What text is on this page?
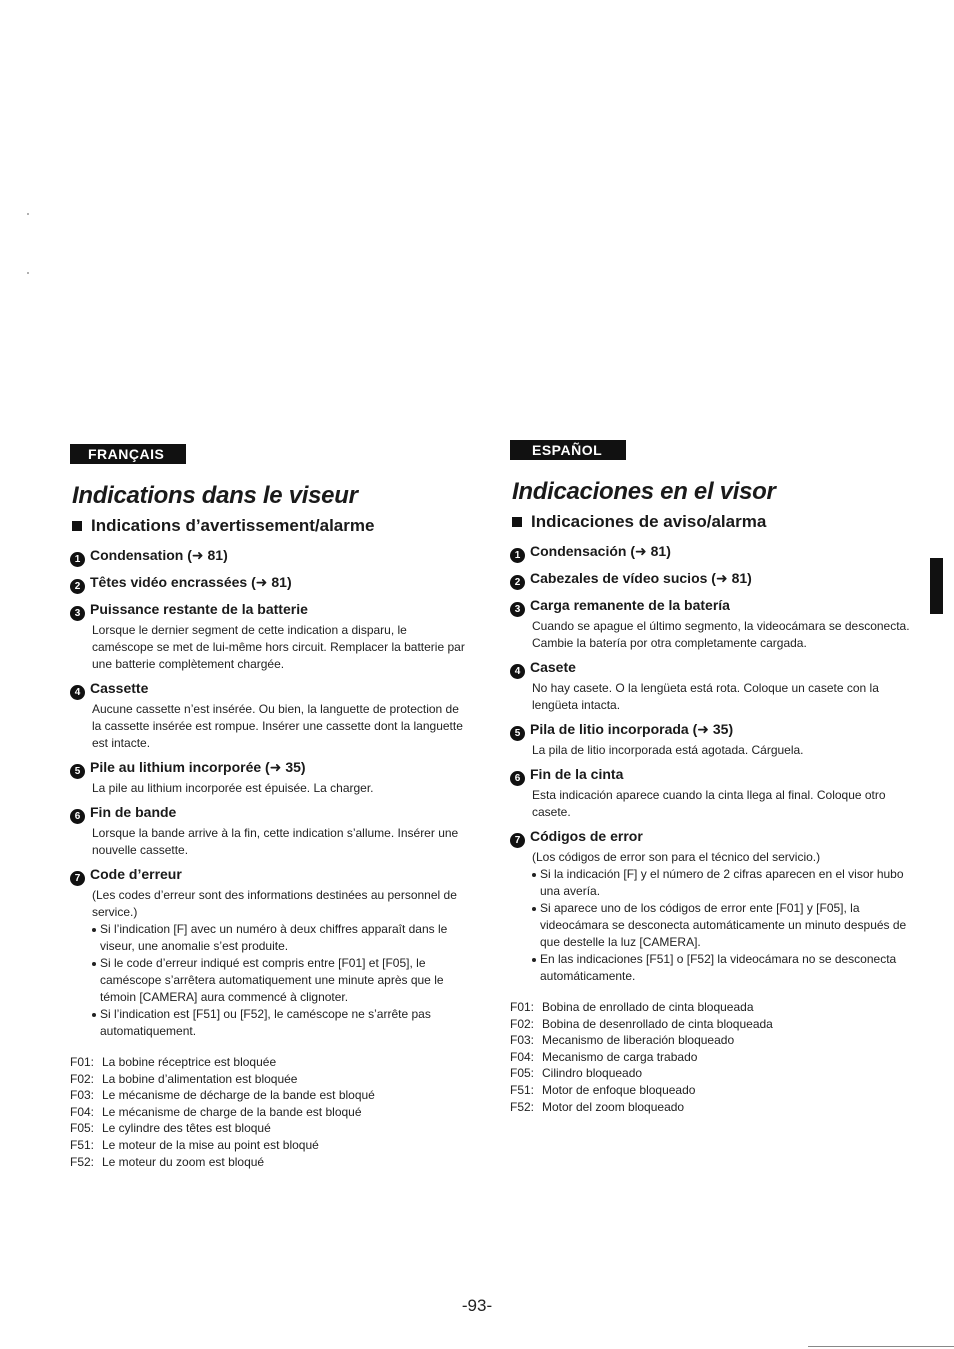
FRANÇAIS
Indications dans le viseur
Indications d’avertissement/alarme
1 Condensation (➜ 81)
2 Têtes vidéo encrassées (➜ 81)
3 Puissance restante de la batterie
Lorsque le dernier segment de cette indication a disparu, le caméscope se met de lui-même hors circuit. Remplacer la batterie par une batterie complètement chargée.
4 Cassette
Aucune cassette n’est insérée. Ou bien, la languette de protection de la cassette insérée est rompue. Insérer une cassette dont la languette est intacte.
5 Pile au lithium incorporée (➜ 35)
La pile au lithium incorporée est épuisée. La charger.
6 Fin de bande
Lorsque la bande arrive à la fin, cette indication s’allume. Insérer une nouvelle cassette.
7 Code d’erreur
(Les codes d’erreur sont des informations destinées au personnel de service.)
Si l’indication [F] avec un numéro à deux chiffres apparaît dans le viseur, une anomalie s’est produite.
Si le code d’erreur indiqué est compris entre [F01] et [F05], le caméscope s’arrêtera automatiquement une minute après que le témoin [CAMERA] aura commencé à clignoter.
Si l’indication est [F51] ou [F52], le caméscope ne s’arrête pas automatiquement.
F01: La bobine réceptrice est bloquée
F02: La bobine d’alimentation est bloquée
F03: Le mécanisme de décharge de la bande est bloqué
F04: Le mécanisme de charge de la bande est bloqué
F05: Le cylindre des têtes est bloqué
F51: Le moteur de la mise au point est bloqué
F52: Le moteur du zoom est bloqué
ESPAÑOL
Indicaciones en el visor
Indicaciones de aviso/alarma
1 Condensación (➜ 81)
2 Cabezales de vídeo sucios (➜ 81)
3 Carga remanente de la batería
Cuando se apague el último segmento, la videocámara se desconecta. Cambie la batería por otra completamente cargada.
4 Casete
No hay casete. O la lengüeta está rota. Coloque un casete con la lengüeta intacta.
5 Pila de litio incorporada (➜ 35)
La pila de litio incorporada está agotada. Cárguela.
6 Fin de la cinta
Esta indicación aparece cuando la cinta llega al final. Coloque otro casete.
7 Códigos de error
(Los códigos de error son para el técnico del servicio.)
Si la indicación [F] y el número de 2 cifras aparecen en el visor hubo una avería.
Si aparece uno de los códigos de error ente [F01] y [F05], la videocámara se desconecta automáticamente un minuto después de que destelle la luz [CAMERA].
En las indicaciones [F51] o [F52] la videocámara no se desconecta automáticamente.
F01: Bobina de enrollado de cinta bloqueada
F02: Bobina de desenrollado de cinta bloqueada
F03: Mecanismo de liberación bloqueado
F04: Mecanismo de carga trabado
F05: Cilindro bloqueado
F51: Motor de enfoque bloqueado
F52: Motor del zoom bloqueado
-93-
